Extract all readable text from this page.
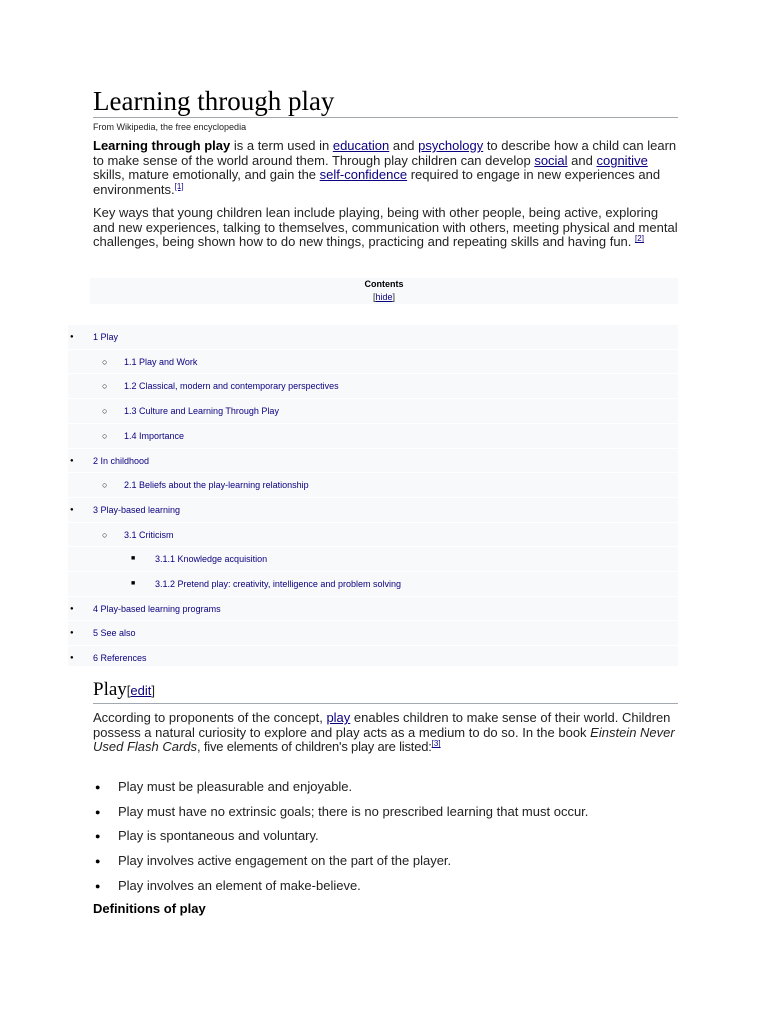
Learning through play
From Wikipedia, the free encyclopedia

Learning through play is a term used in education and psychology to describe how a child can learn to make sense of the world around them. Through play children can develop social and cognitive skills, mature emotionally, and gain the self-confidence required to engage in new experiences and environments.[1]

Key ways that young children lean include playing, being with other people, being active, exploring and new experiences, talking to themselves, communication with others, meeting physical and mental challenges, being shown how to do new things, practicing and repeating skills and having fun. [2]

Contents
[hide]
● 1 Play
○ 1.1 Play and Work
○ 1.2 Classical, modern and contemporary perspectives
○ 1.3 Culture and Learning Through Play
○ 1.4 Importance
● 2 In childhood
○ 2.1 Beliefs about the play-learning relationship
● 3 Play-based learning
○ 3.1 Criticism
■ 3.1.1 Knowledge acquisition
■ 3.1.2 Pretend play: creativity, intelligence and problem solving
● 4 Play-based learning programs
● 5 See also
● 6 References
Play[edit]

According to proponents of the concept, play enables children to make sense of their world. Children possess a natural curiosity to explore and play acts as a medium to do so. In the book Einstein Never Used Flash Cards, five elements of children's play are listed:[3]

● Play must be pleasurable and enjoyable.
● Play must have no extrinsic goals; there is no prescribed learning that must occur.
● Play is spontaneous and voluntary.
● Play involves active engagement on the part of the player.
● Play involves an element of make-believe.
Definitions of play
